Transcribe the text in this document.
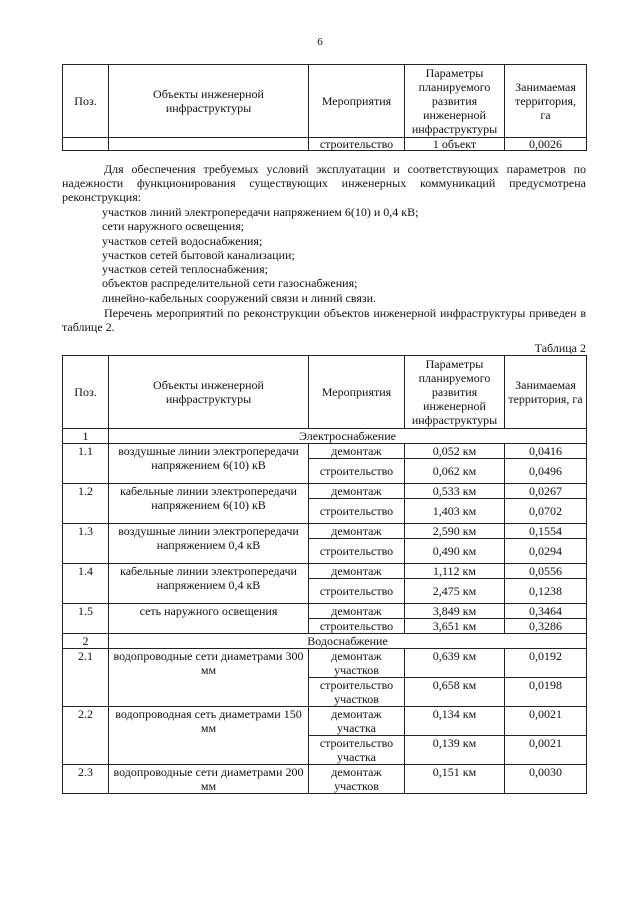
6
Поз.	Объекты инженерной
инфраструктуры	Мероприятия	Параметры
планируемого
развития
инженерной
инфраструктуры	Занимаемая
территория,
га
		строительство	1 объект	0,0026
Для обеспечения требуемых условий эксплуатации и соответствующих параметров по надежности функционирования существующих инженерных коммуникаций предусмотрена реконструкция:
участков линий электропередачи напряжением 6(10) и 0,4 кВ;
сети наружного освещения;
участков сетей водоснабжения;
участков сетей бытовой канализации;
участков сетей теплоснабжения;
объектов распределительной сети газоснабжения;
линейно-кабельных сооружений связи и линий связи.
Перечень мероприятий по реконструкции объектов инженерной инфраструктуры приведен в таблице 2.
Таблица 2
Поз.	Объекты инженерной
инфраструктуры	Мероприятия	Параметры
планируемого
развития
инженерной
инфраструктуры	Занимаемая
территория, га
1	Электроснабжение			
1.1	воздушные линии электропередачи напряжением 6(10) кВ	демонтаж	0,052 км	0,0416
		строительство	0,062 км	0,0496
1.2	кабельные линии электропередачи напряжением 6(10) кВ	демонтаж	0,533 км	0,0267
		строительство	1,403 км	0,0702
1.3	воздушные линии электропередачи напряжением 0,4 кВ	демонтаж	2,590 км	0,1554
		строительство	0,490 км	0,0294
1.4	кабельные линии электропередачи напряжением 0,4 кВ	демонтаж	1,112 км	0,0556
		строительство	2,475 км	0,1238
1.5	сеть наружного освещения	демонтаж	3,849 км	0,3464
		строительство	3,651 км	0,3286
2	Водоснабжение			
2.1	водопроводные сети диаметрами 300 мм	демонтаж участков	0,639 км	0,0192
		строительство участков	0,658 км	0,0198
2.2	водопроводная сеть диаметрами 150 мм	демонтаж участка	0,134 км	0,0021
		строительство участка	0,139 км	0,0021
2.3	водопроводные сети диаметрами 200 мм	демонтаж участков	0,151 км	0,0030
